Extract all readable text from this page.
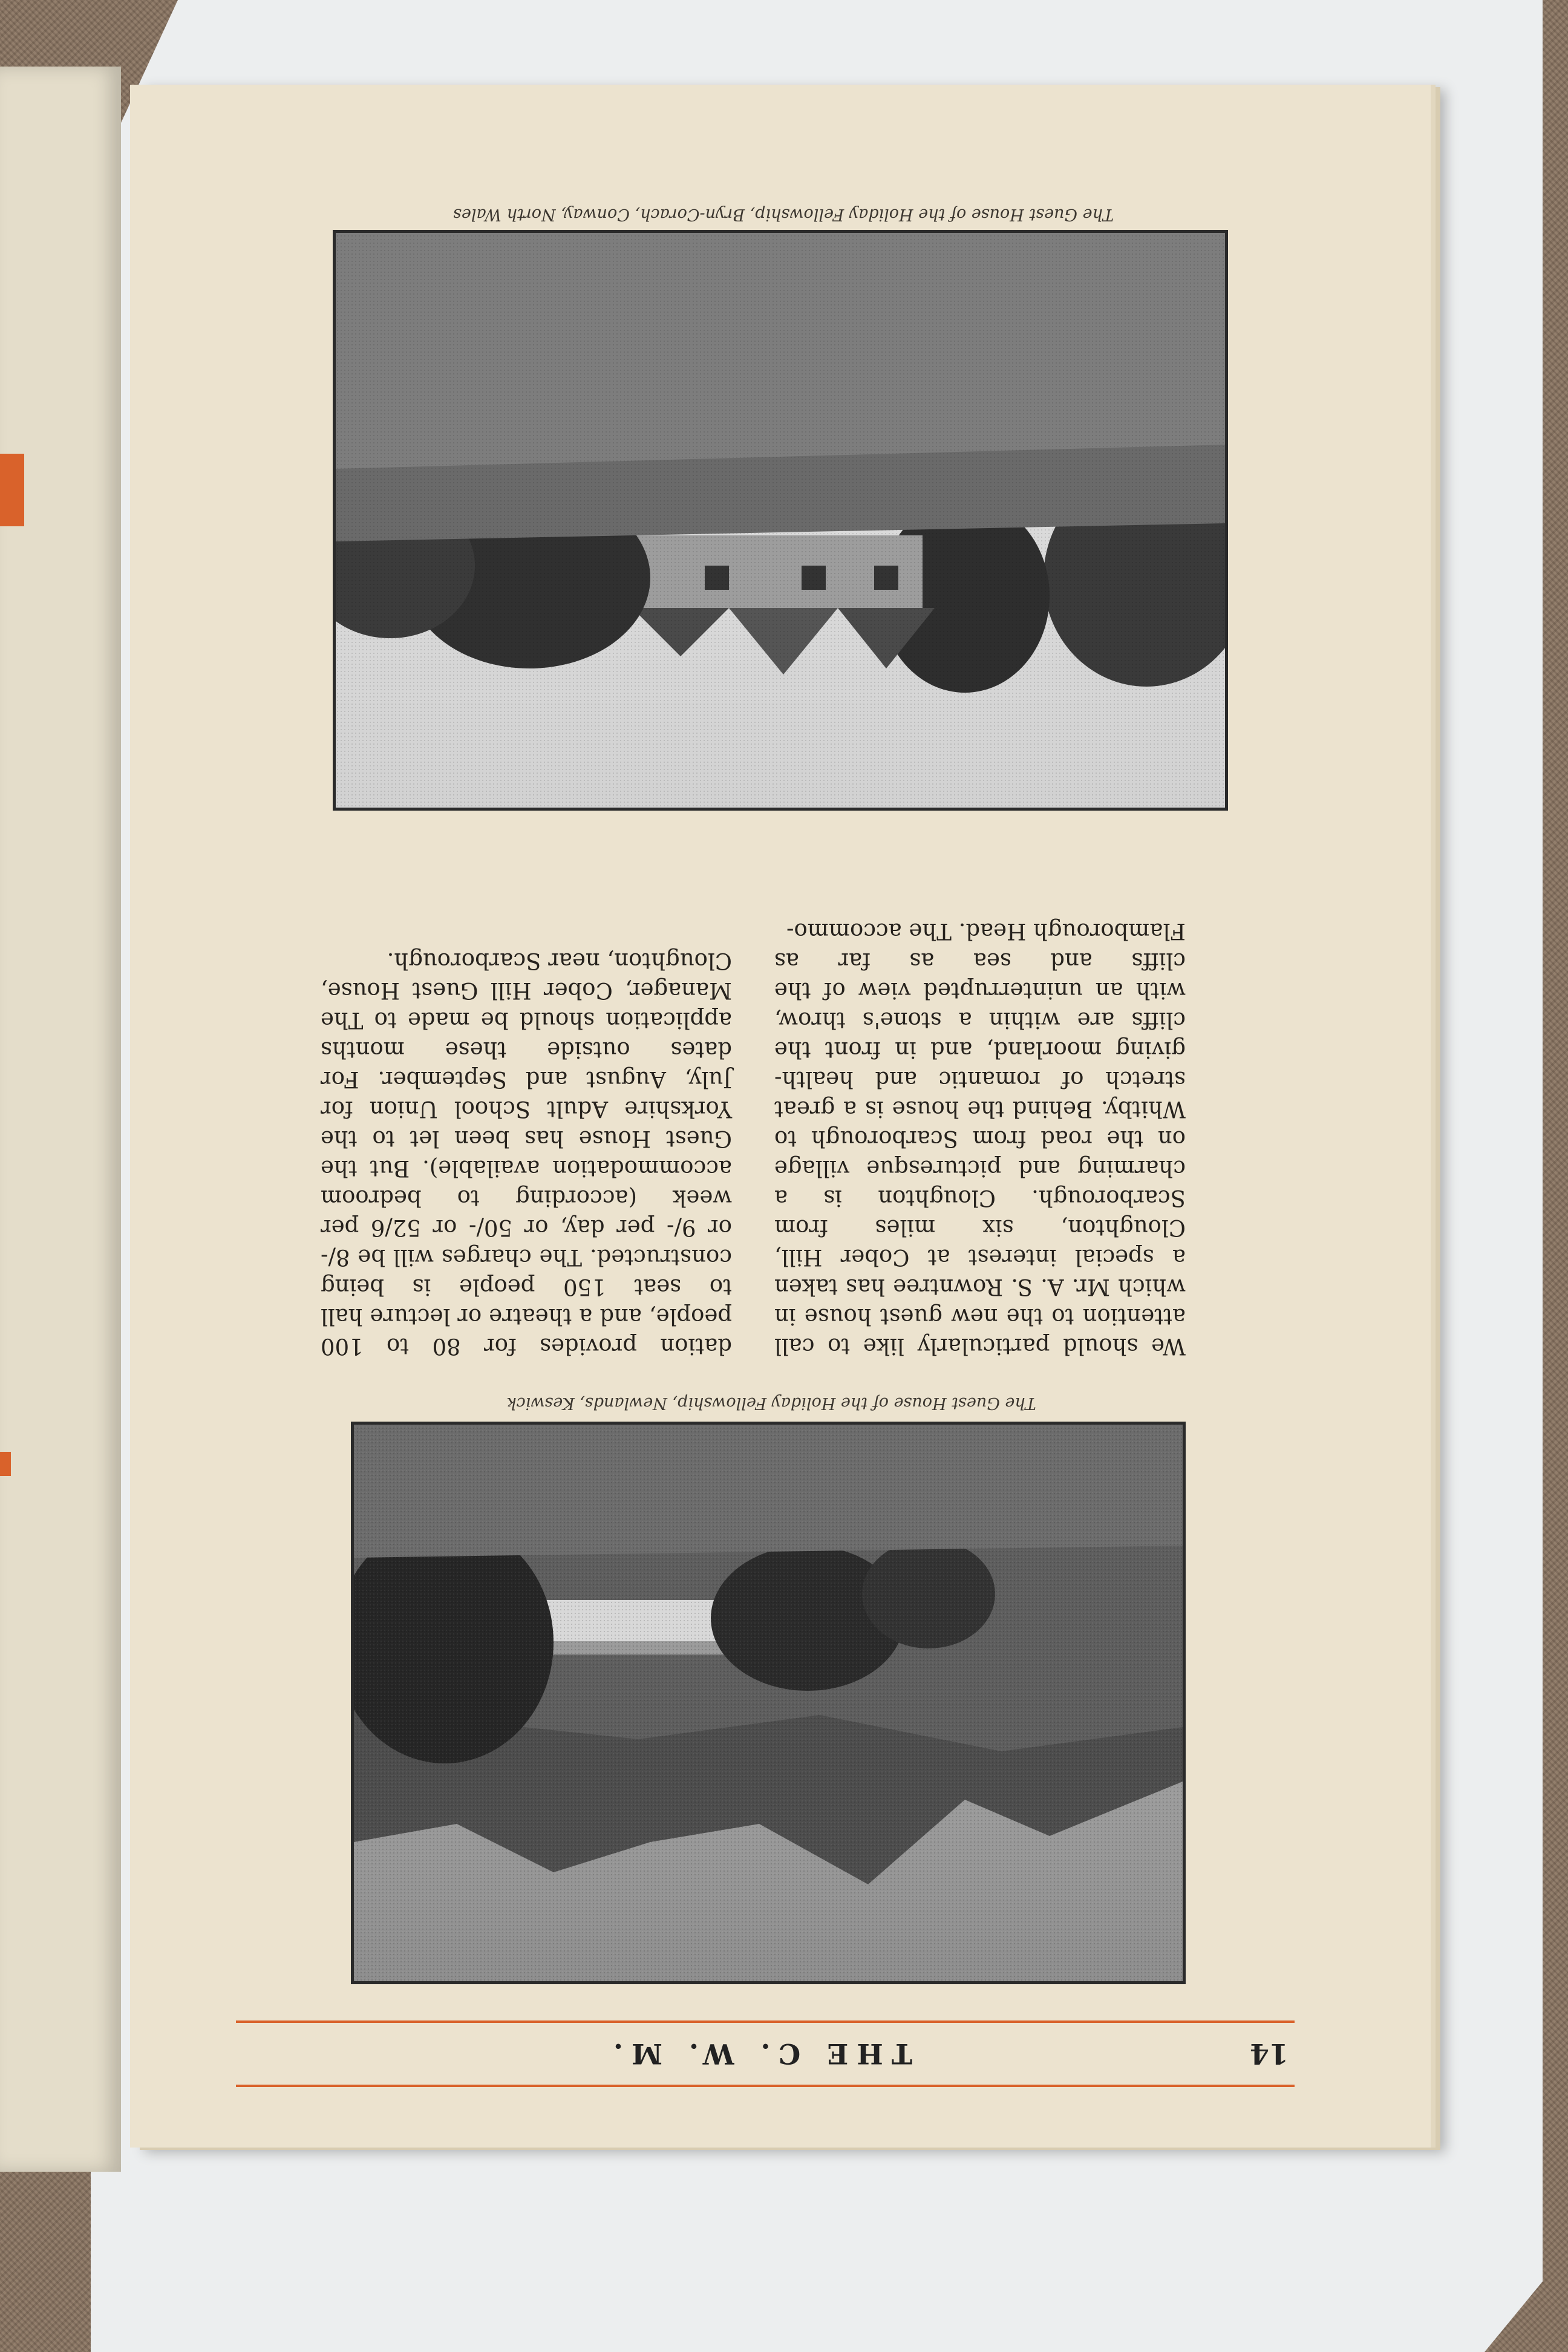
14
THE C. W. M.
The Guest House of the Holiday Fellowship, Newlands, Keswick

We should particularly like to call attention to the new guest house in which Mr. A. S. Rowntree has taken a special interest at Cober Hill, Cloughton, six miles from Scarborough. Cloughton is a charming and picturesque village on the road from Scarborough to Whitby. Behind the house is a great stretch of romantic and health-giving moorland, and in front the cliffs are within a stone's throw, with an uninterrupted view of the cliffs and sea as far as Flamborough Head. The accommo-

dation provides for 80 to 100 people, and a theatre or lecture hall to seat 150 people is being constructed. The charges will be 8/- or 9/- per day, or 50/- or 52/6 per week (according to bedroom accommodation available). But the Guest House has been let to the Yorkshire Adult School Union for July, August and September. For dates outside these months application should be made to The Manager, Cober Hill Guest House, Cloughton, near Scarborough.

The Guest House of the Holiday Fellowship, Bryn-Corach, Conway, North Wales
